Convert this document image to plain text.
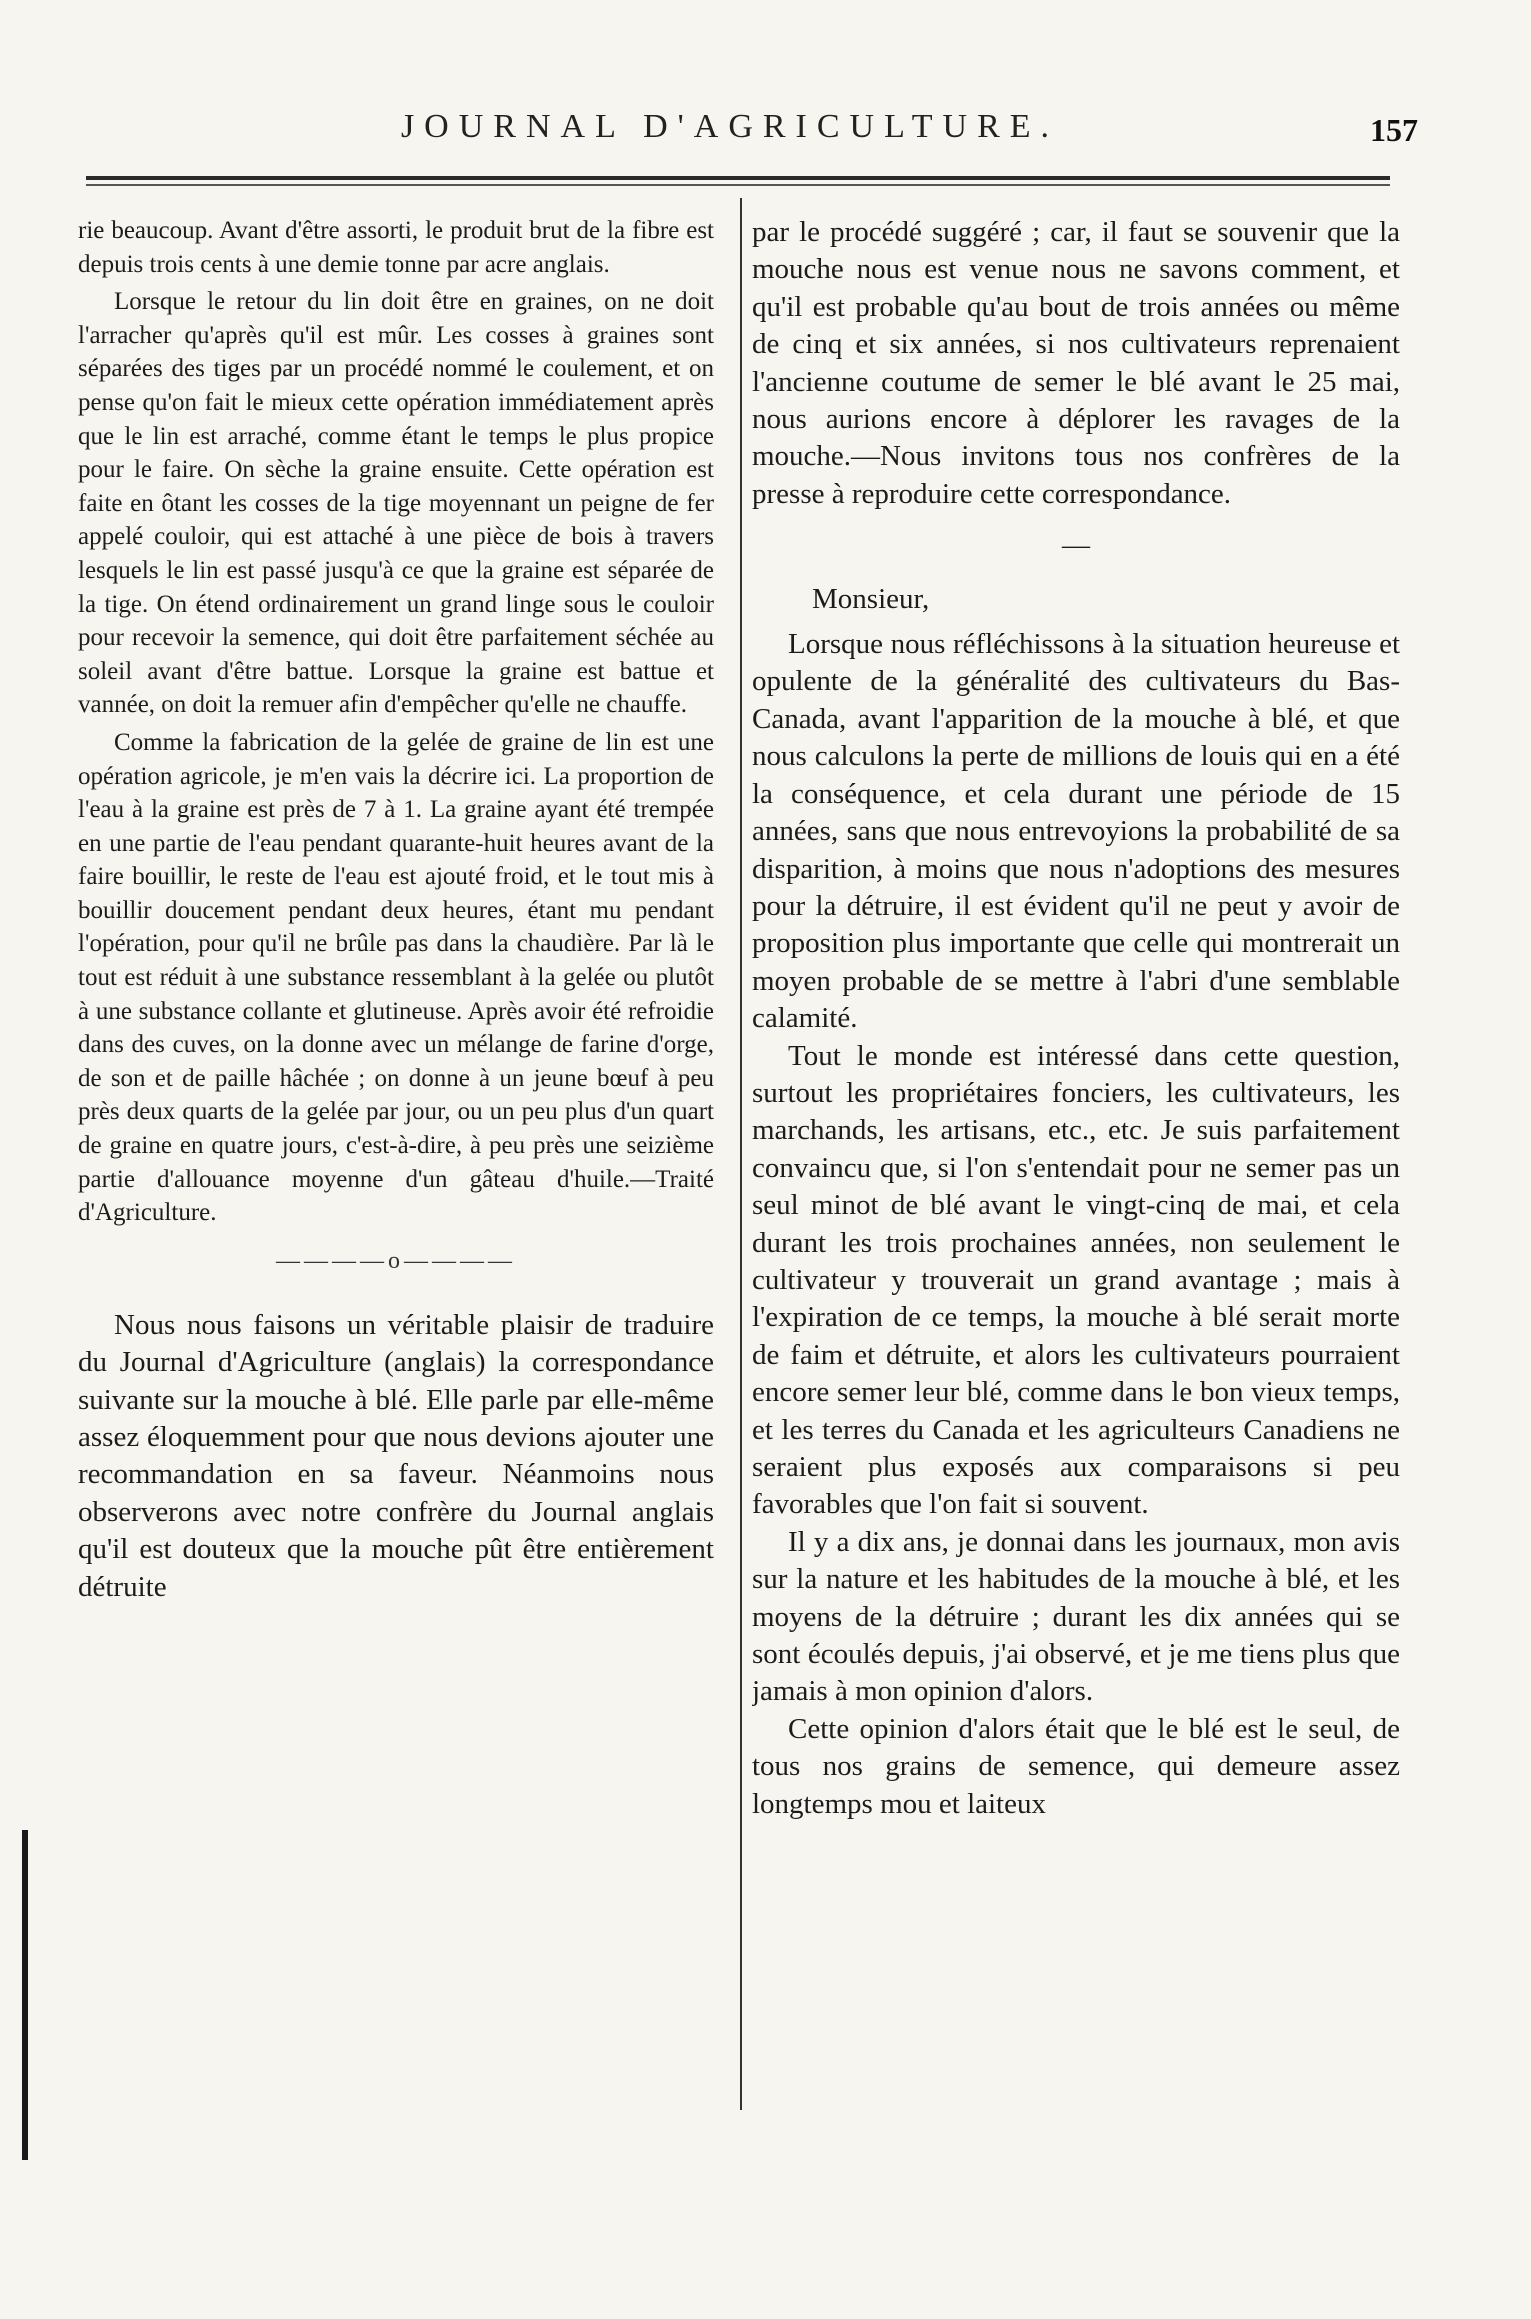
JOURNAL D'AGRICULTURE.	157

rie beaucoup. Avant d'être assorti, le produit brut de la fibre est depuis trois cents à une demie tonne par acre anglais.

Lorsque le retour du lin doit être en graines, on ne doit l'arracher qu'après qu'il est mûr. Les cosses à graines sont séparées des tiges par un procédé nommé le coulement, et on pense qu'on fait le mieux cette opération immédiatement après que le lin est arraché, comme étant le temps le plus propice pour le faire. On sèche la graine ensuite. Cette opération est faite en ôtant les cosses de la tige moyennant un peigne de fer appelé couloir, qui est attaché à une pièce de bois à travers lesquels le lin est passé jusqu'à ce que la graine est séparée de la tige. On étend ordinairement un grand linge sous le couloir pour recevoir la semence, qui doit être parfaitement séchée au soleil avant d'être battue. Lorsque la graine est battue et vannée, on doit la remuer afin d'empêcher qu'elle ne chauffe.

Comme la fabrication de la gelée de graine de lin est une opération agricole, je m'en vais la décrire ici. La proportion de l'eau à la graine est près de 7 à 1. La graine ayant été trempée en une partie de l'eau pendant quarante-huit heures avant de la faire bouillir, le reste de l'eau est ajouté froid, et le tout mis à bouillir doucement pendant deux heures, étant mu pendant l'opération, pour qu'il ne brûle pas dans la chaudière. Par là le tout est réduit à une substance ressemblant à la gelée ou plutôt à une substance collante et glutineuse. Après avoir été refroidie dans des cuves, on la donne avec un mélange de farine d'orge, de son et de paille hâchée ; on donne à un jeune bœuf à peu près deux quarts de la gelée par jour, ou un peu plus d'un quart de graine en quatre jours, c'est-à-dire, à peu près une seizième partie d'allouance moyenne d'un gâteau d'huile.—Traité d'Agriculture.

————o————

Nous nous faisons un véritable plaisir de traduire du Journal d'Agriculture (anglais) la correspondance suivante sur la mouche à blé. Elle parle par elle-même assez éloquemment pour que nous devions ajouter une recommandation en sa faveur. Néanmoins nous observerons avec notre confrère du Journal anglais qu'il est douteux que la mouche pût être entièrement détruite

par le procédé suggéré ; car, il faut se souvenir que la mouche nous est venue nous ne savons comment, et qu'il est probable qu'au bout de trois années ou même de cinq et six années, si nos cultivateurs reprenaient l'ancienne coutume de semer le blé avant le 25 mai, nous aurions encore à déplorer les ravages de la mouche.—Nous invitons tous nos confrères de la presse à reproduire cette correspondance.

—

Monsieur,

Lorsque nous réfléchissons à la situation heureuse et opulente de la généralité des cultivateurs du Bas-Canada, avant l'apparition de la mouche à blé, et que nous calculons la perte de millions de louis qui en a été la conséquence, et cela durant une période de 15 années, sans que nous entrevoyions la probabilité de sa disparition, à moins que nous n'adoptions des mesures pour la détruire, il est évident qu'il ne peut y avoir de proposition plus importante que celle qui montrerait un moyen probable de se mettre à l'abri d'une semblable calamité.

Tout le monde est intéressé dans cette question, surtout les propriétaires fonciers, les cultivateurs, les marchands, les artisans, etc., etc. Je suis parfaitement convaincu que, si l'on s'entendait pour ne semer pas un seul minot de blé avant le vingt-cinq de mai, et cela durant les trois prochaines années, non seulement le cultivateur y trouverait un grand avantage ; mais à l'expiration de ce temps, la mouche à blé serait morte de faim et détruite, et alors les cultivateurs pourraient encore semer leur blé, comme dans le bon vieux temps, et les terres du Canada et les agriculteurs Canadiens ne seraient plus exposés aux comparaisons si peu favorables que l'on fait si souvent.

Il y a dix ans, je donnai dans les journaux, mon avis sur la nature et les habitudes de la mouche à blé, et les moyens de la détruire ; durant les dix années qui se sont écoulés depuis, j'ai observé, et je me tiens plus que jamais à mon opinion d'alors.

Cette opinion d'alors était que le blé est le seul, de tous nos grains de semence, qui demeure assez longtemps mou et laiteux
